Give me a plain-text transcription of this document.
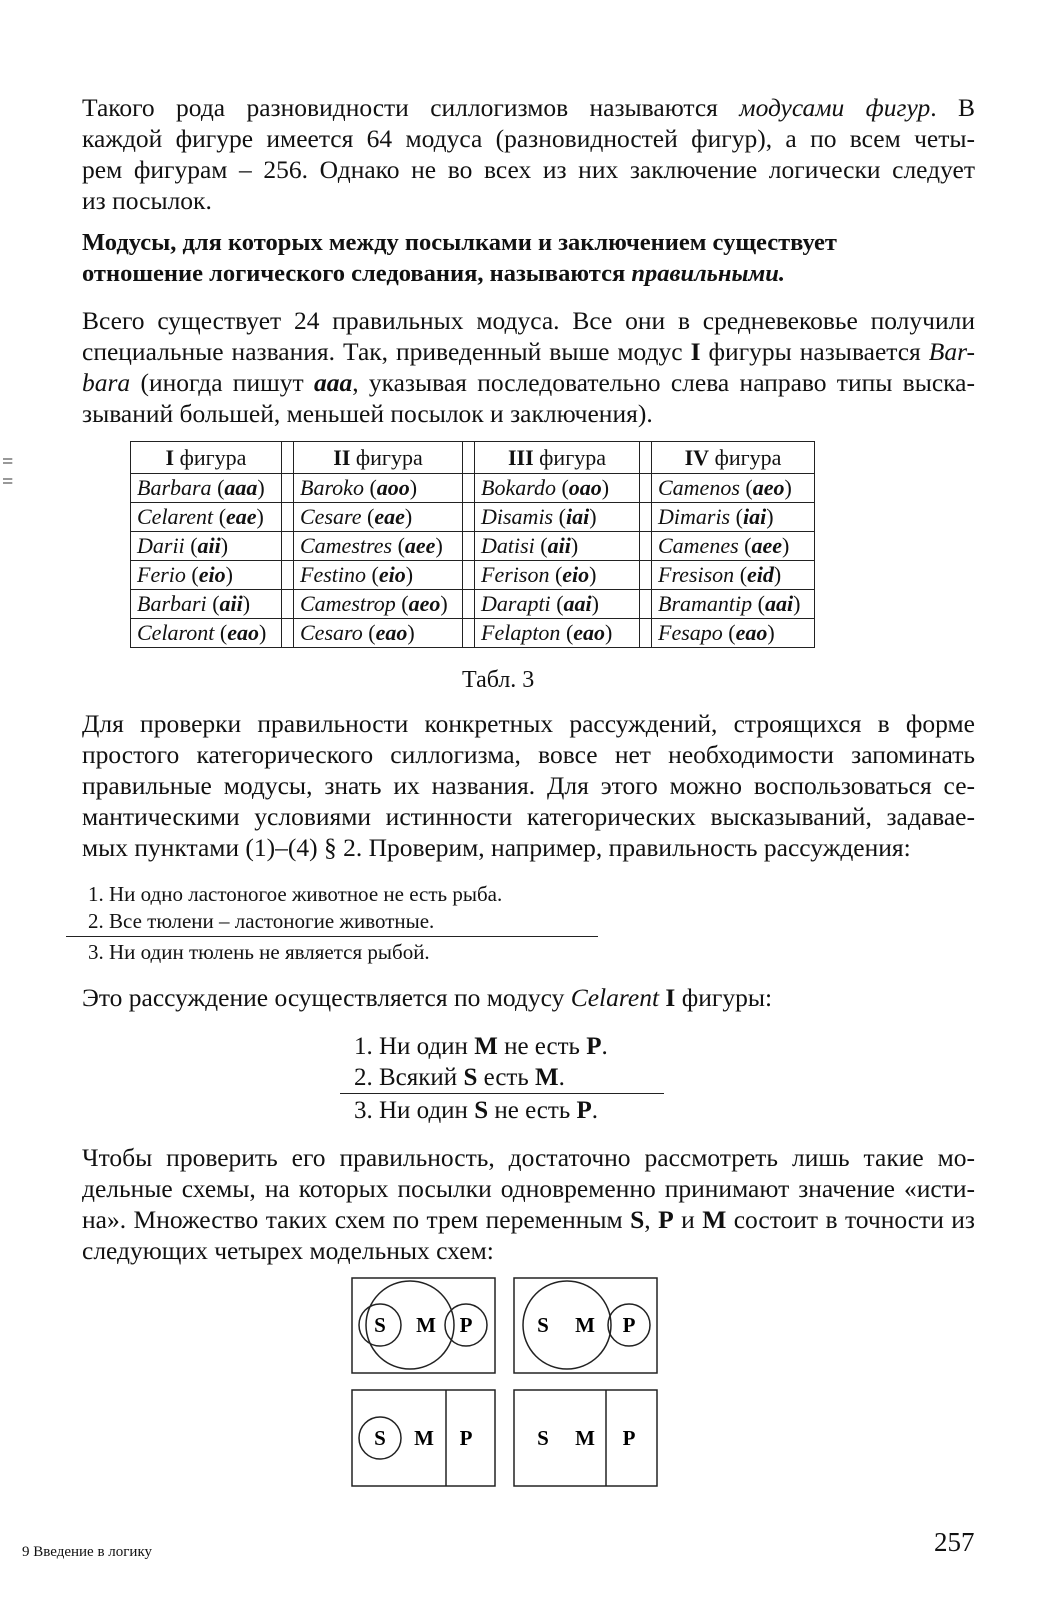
=
=
Такого рода разновидности силлогизмов называются модусами фигур. В
каждой фигуре имеется 64 модуса (разновидностей фигур), а по всем четы-
рем фигурам – 256. Однако не во всех из них заключение логически следует
из посылок.
Модусы, для которых между посылками и заключением существует
отношение логического следования, называются правильными.
Всего существует 24 правильных модуса. Все они в средневековье получили
специальные названия. Так, приведенный выше модус I фигуры называется Bar-
bara (иногда пишут aaa, указывая последовательно слева направо типы выска-
зываний большей, меньшей посылок и заключения).
I фигура		II фигура		III фигура		IV фигура
Barbara (aaa)		Baroko (aoo)		Bokardo (oao)		Camenos (aeo)
Celarent (eae)		Cesare (eae)		Disamis (iai)		Dimaris (iai)
Darii (aii)		Camestres (aee)		Datisi (aii)		Camenes (aee)
Ferio (eio)		Festino (eio)		Ferison (eio)		Fresison (eid)
Barbari (aii)		Camestrop (aeo)		Darapti (aai)		Bramantip (aai)
Celaront (eao)		Cesaro (eao)		Felapton (eao)		Fesapo (eao)
Табл. 3
Для проверки правильности конкретных рассуждений, строящихся в форме
простого категорического силлогизма, вовсе нет необходимости запоминать
правильные модусы, знать их названия. Для этого можно воспользоваться се-
мантическими условиями истинности категорических высказываний, задавае-
мых пунктами (1)–(4) § 2. Проверим, например, правильность рассуждения:
1. Ни одно ластоногое животное не есть рыба.
2. Все тюлени – ластоногие животные.
3. Ни один тюлень не является рыбой.
Это рассуждение осуществляется по модусу Celarent I фигуры:
1. Ни один M не есть P.
2. Всякий S есть M.
3. Ни один S не есть P.
Чтобы проверить его правильность, достаточно рассмотреть лишь такие мо-
дельные схемы, на которых посылки одновременно принимают значение «исти-
на». Множество таких схем по трем переменным S, P и M состоит в точности из
следующих четырех модельных схем:
S M P	S M P
S M P	S M P
9 Введение в логику	257
